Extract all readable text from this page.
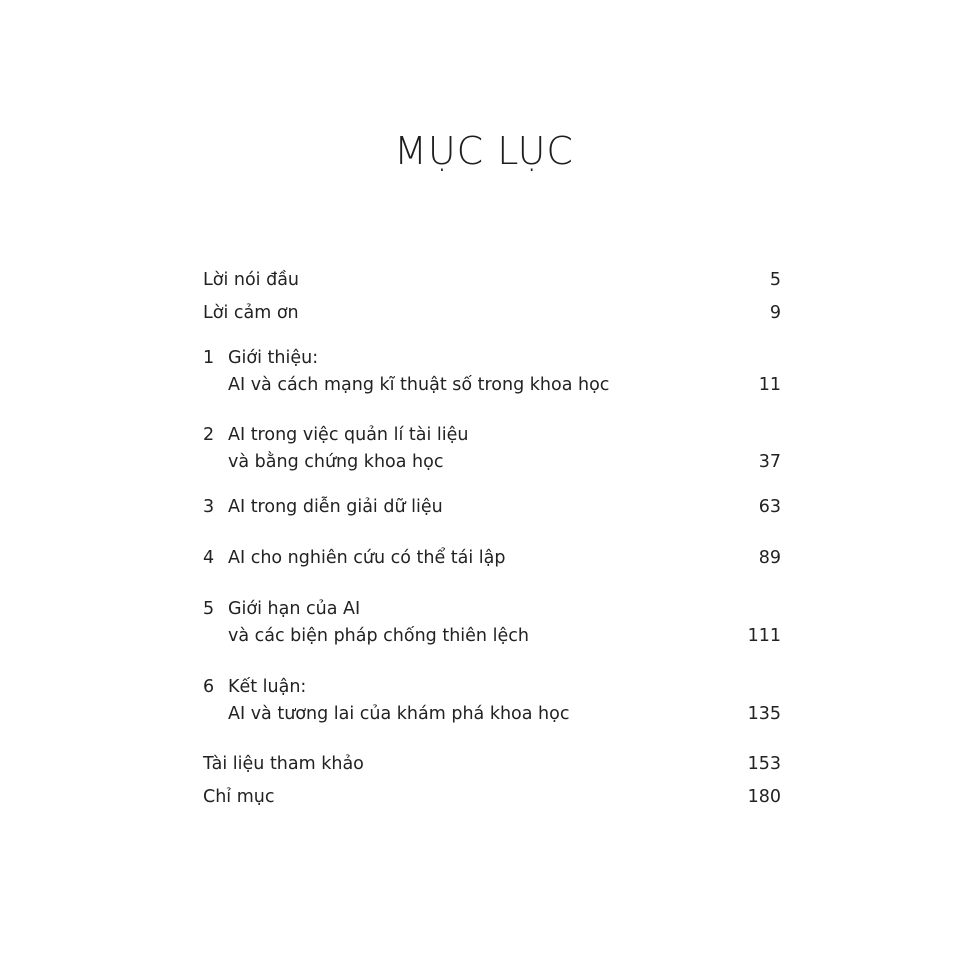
MỤC LỤC
Lời nói đầu	5
Lời cảm ơn	9
1 Giới thiệu:
AI và cách mạng kĩ thuật số trong khoa học	11
2 AI trong việc quản lí tài liệu
và bằng chứng khoa học	37
3 AI trong diễn giải dữ liệu	63
4 AI cho nghiên cứu có thể tái lập	89
5 Giới hạn của AI
và các biện pháp chống thiên lệch	111
6 Kết luận:
AI và tương lai của khám phá khoa học	135
Tài liệu tham khảo	153
Chỉ mục	180
